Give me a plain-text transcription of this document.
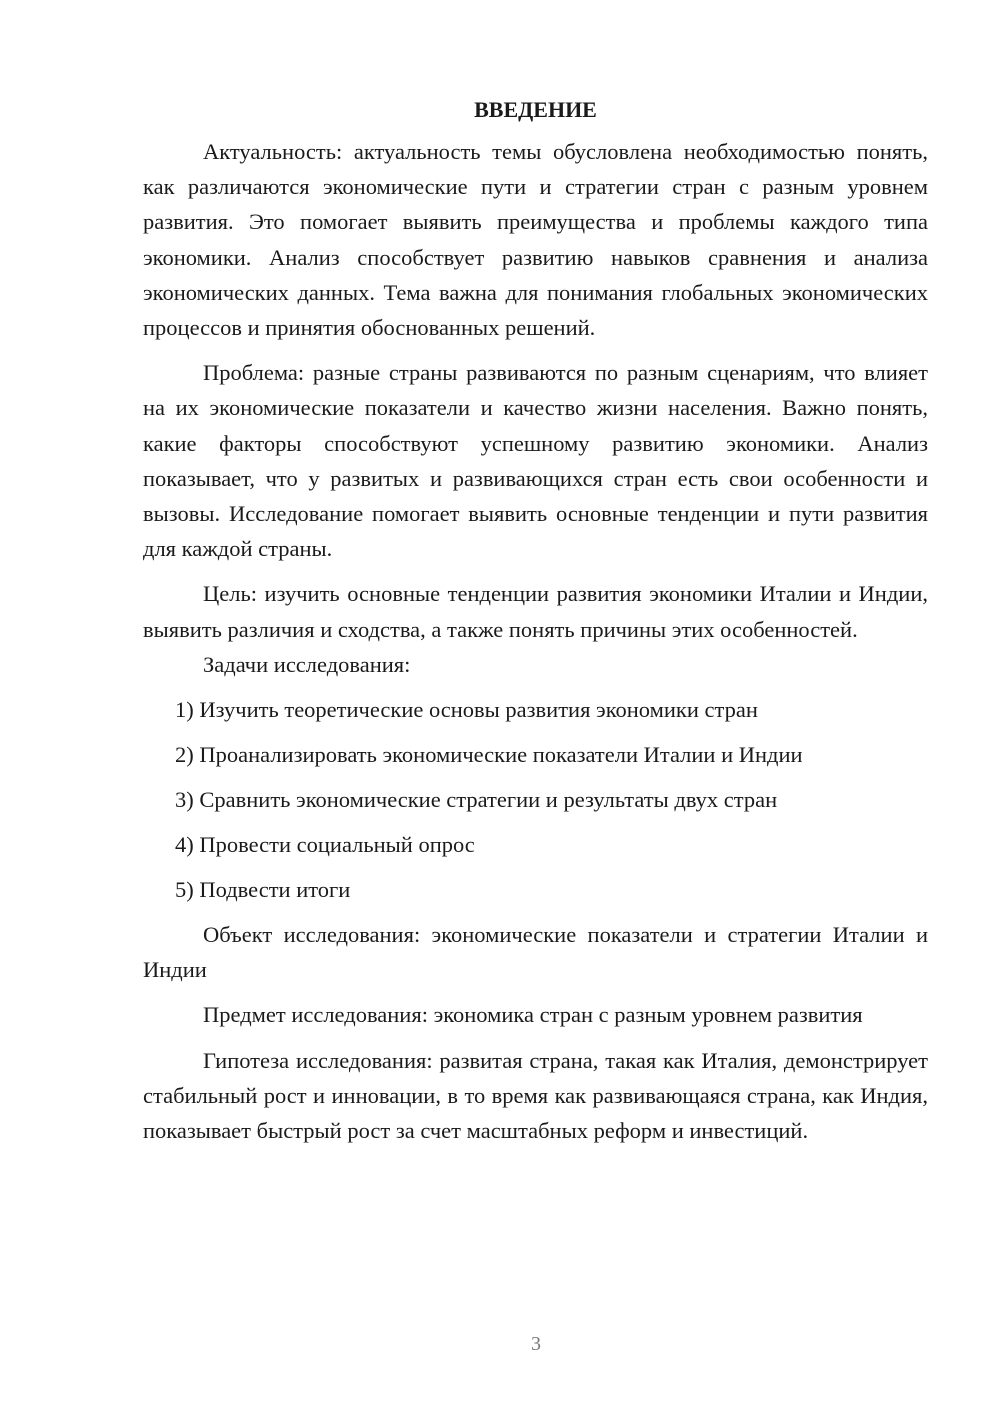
ВВЕДЕНИЕ

Актуальность: актуальность темы обусловлена необходимостью понять, как различаются экономические пути и стратегии стран с разным уровнем развития. Это помогает выявить преимущества и проблемы каждого типа экономики. Анализ способствует развитию навыков сравнения и анализа экономических данных. Тема важна для понимания глобальных экономических процессов и принятия обоснованных решений.

Проблема: разные страны развиваются по разным сценариям, что влияет на их экономические показатели и качество жизни населения. Важно понять, какие факторы способствуют успешному развитию экономики. Анализ показывает, что у развитых и развивающихся стран есть свои особенности и вызовы. Исследование помогает выявить основные тенденции и пути развития для каждой страны.

Цель: изучить основные тенденции развития экономики Италии и Индии, выявить различия и сходства, а также понять причины этих особенностей.

Задачи исследования:

1) Изучить теоретические основы развития экономики стран

2) Проанализировать экономические показатели Италии и Индии

3) Сравнить экономические стратегии и результаты двух стран

4) Провести социальный опрос

5) Подвести итоги

Объект исследования: экономические показатели и стратегии Италии и Индии

Предмет исследования: экономика стран с разным уровнем развития

Гипотеза исследования: развитая страна, такая как Италия, демонстрирует стабильный рост и инновации, в то время как развивающаяся страна, как Индия, показывает быстрый рост за счет масштабных реформ и инвестиций.

3
